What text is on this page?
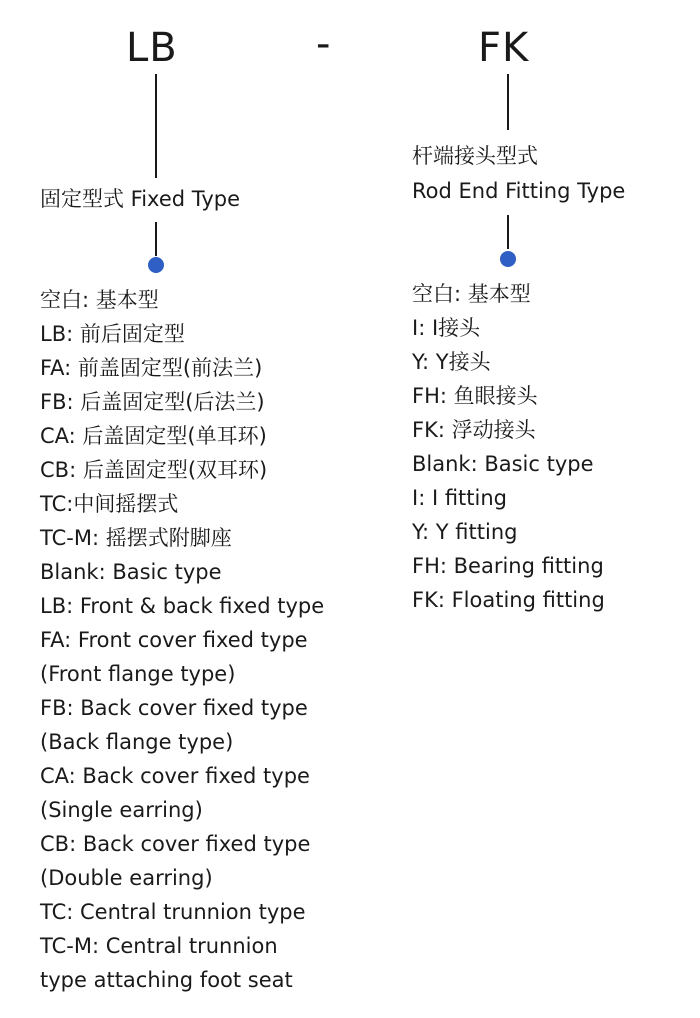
LB	-	FK
固定型式 Fixed Type
空白: 基本型
LB: 前后固定型
FA: 前盖固定型(前法兰)
FB: 后盖固定型(后法兰)
CA: 后盖固定型(单耳环)
CB: 后盖固定型(双耳环)
TC:中间摇摆式
TC-M: 摇摆式附脚座
Blank: Basic type
LB: Front & back fixed type
FA: Front cover fixed type
(Front flange type)
FB: Back cover fixed type
(Back flange type)
CA: Back cover fixed type
(Single earring)
CB: Back cover fixed type
(Double earring)
TC: Central trunnion type
TC-M: Central trunnion
type attaching foot seat
杆端接头型式
Rod End Fitting Type
空白: 基本型
I: I接头
Y: Y接头
FH: 鱼眼接头
FK: 浮动接头
Blank: Basic type
I: I fitting
Y: Y fitting
FH: Bearing fitting
FK: Floating fitting
